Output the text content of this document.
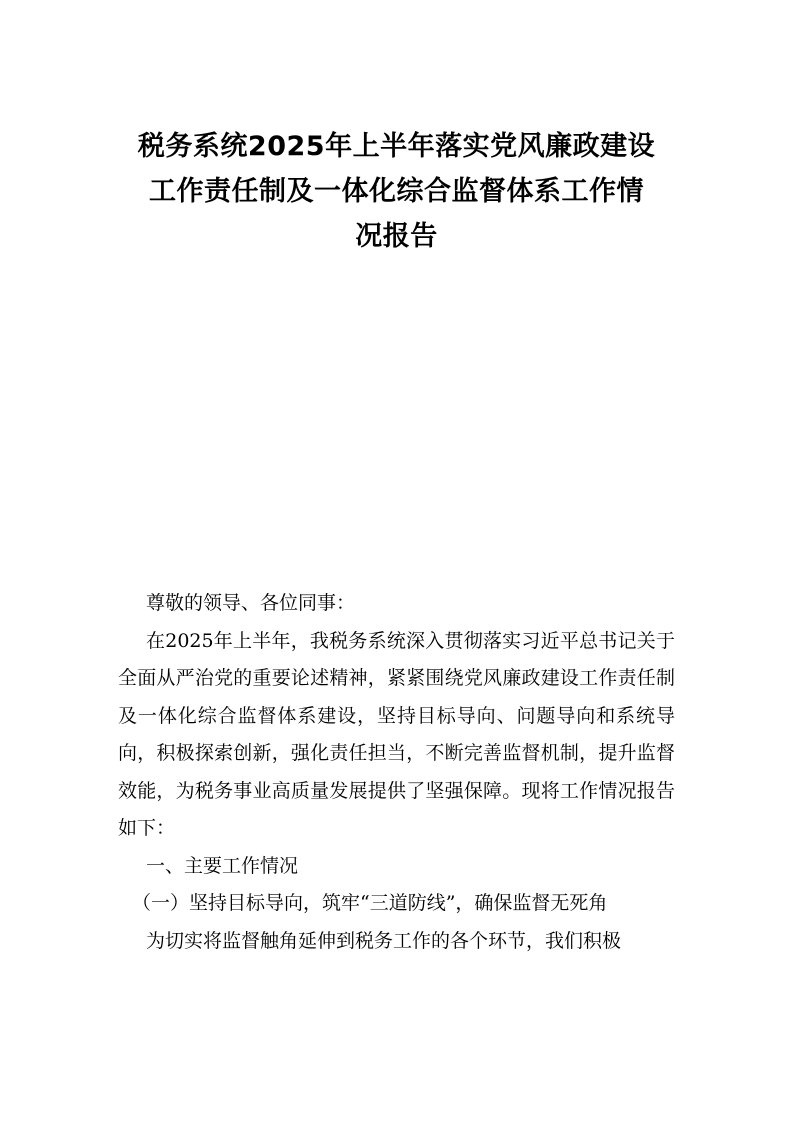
税务系统2025年上半年落实党风廉政建设
工作责任制及一体化综合监督体系工作情
况报告

尊敬的领导、各位同事：

在2025年上半年，我税务系统深入贯彻落实习近平总书记关于全面从严治党的重要论述精神，紧紧围绕党风廉政建设工作责任制及一体化综合监督体系建设，坚持目标导向、问题导向和系统导向，积极探索创新，强化责任担当，不断完善监督机制，提升监督效能，为税务事业高质量发展提供了坚强保障。现将工作情况报告如下：

一、主要工作情况

（一）坚持目标导向，筑牢“三道防线”，确保监督无死角

为切实将监督触角延伸到税务工作的各个环节，我们积极
